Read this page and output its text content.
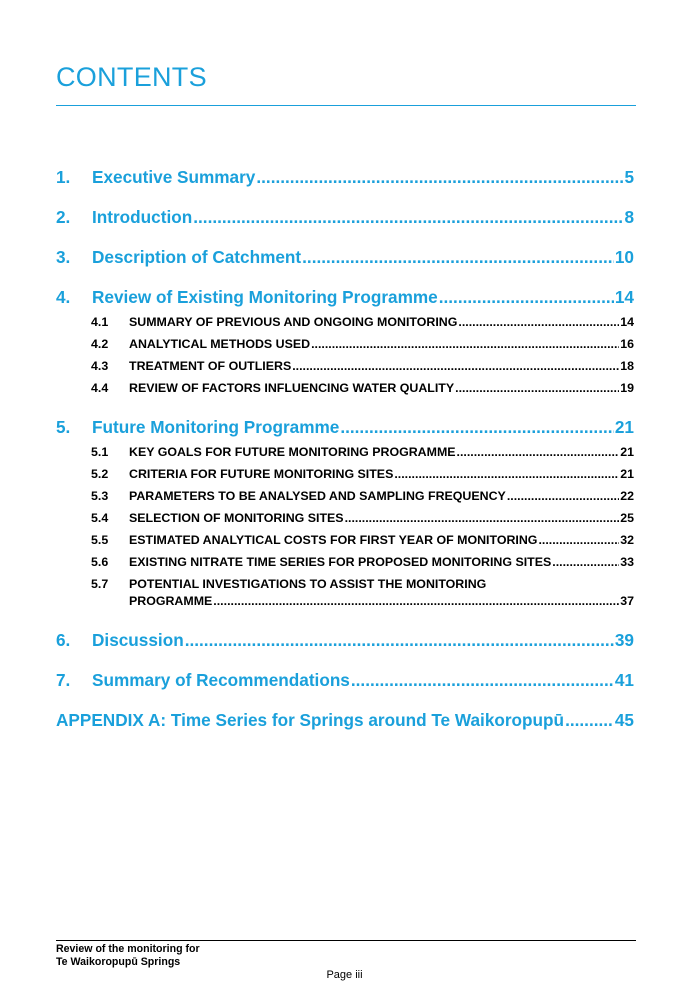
CONTENTS
1.	Executive Summary .....	5
2.	Introduction .....	8
3.	Description of Catchment .....	10
4.	Review of Existing Monitoring Programme .....	14
4.1	SUMMARY OF PREVIOUS AND ONGOING MONITORING .....	14
4.2	ANALYTICAL METHODS USED .....	16
4.3	TREATMENT OF OUTLIERS .....	18
4.4	REVIEW OF FACTORS INFLUENCING WATER QUALITY .....	19
5.	Future Monitoring Programme .....	21
5.1	KEY GOALS FOR FUTURE MONITORING PROGRAMME .....	21
5.2	CRITERIA FOR FUTURE MONITORING SITES .....	21
5.3	PARAMETERS TO BE ANALYSED AND SAMPLING FREQUENCY .....	22
5.4	SELECTION OF MONITORING SITES .....	25
5.5	ESTIMATED ANALYTICAL COSTS FOR FIRST YEAR OF MONITORING .....	32
5.6	EXISTING NITRATE TIME SERIES FOR PROPOSED MONITORING SITES .....	33
5.7 POTENTIAL INVESTIGATIONS TO ASSIST THE MONITORING
PROGRAMME .....	37
6.	Discussion .....	39
7.	Summary of Recommendations .....	41
APPENDIX A: Time Series for Springs around Te Waikoropupū .....	45
Review of the monitoring for
Te Waikoropupū Springs
Page iii
